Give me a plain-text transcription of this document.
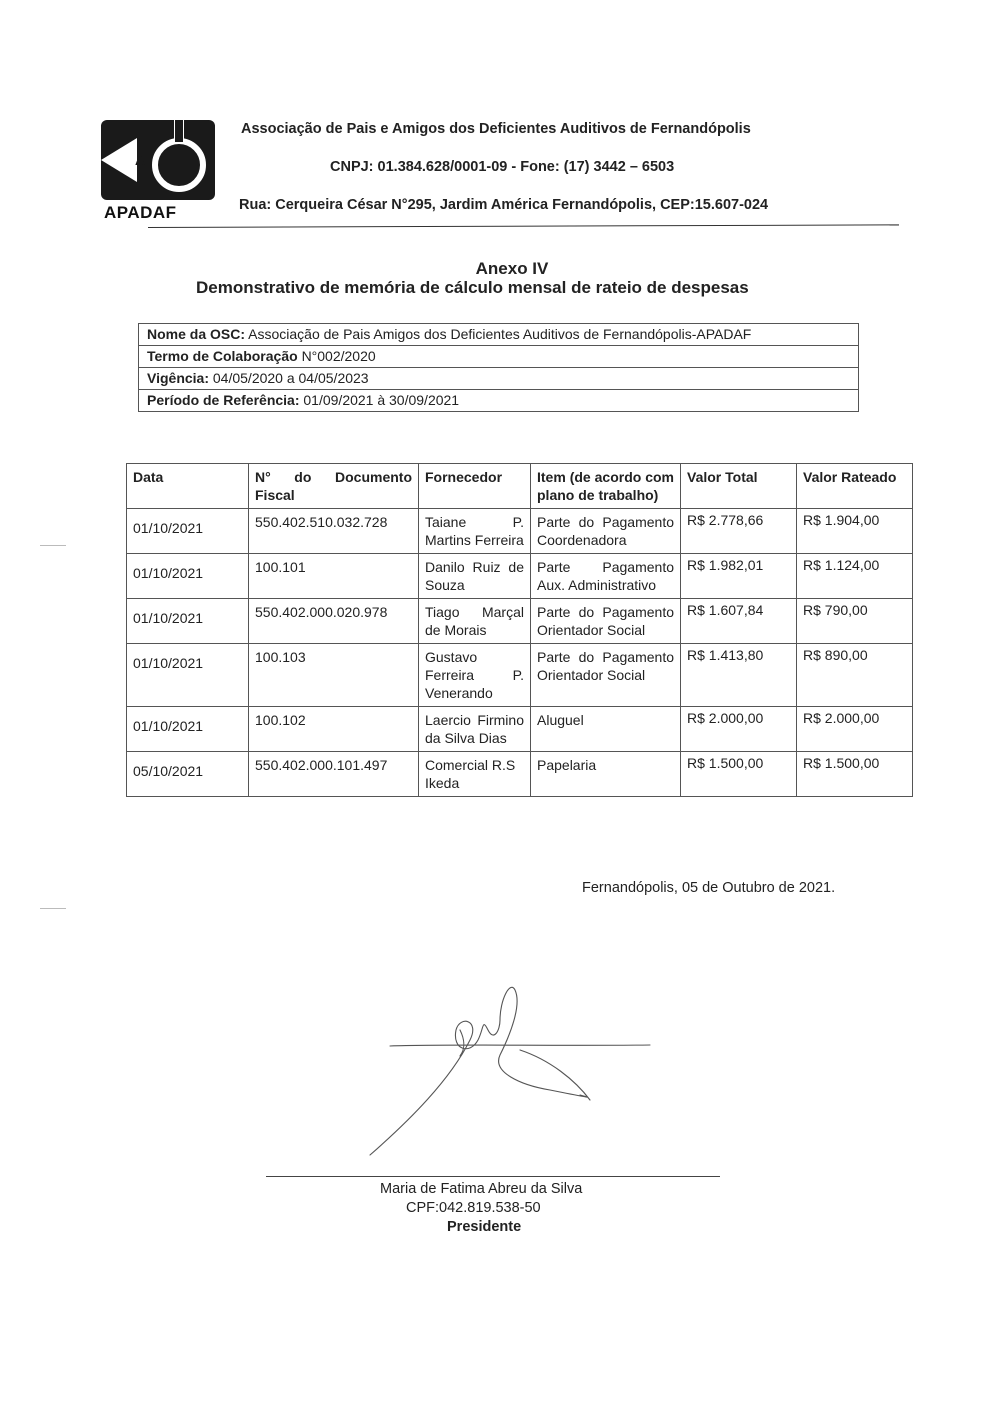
A
APADAF
Associação de Pais e Amigos dos Deficientes Auditivos de Fernandópolis
CNPJ: 01.384.628/0001-09 - Fone: (17) 3442 – 6503
Rua: Cerqueira César N°295, Jardim América Fernandópolis, CEP:15.607-024
Anexo IV
Demonstrativo de memória de cálculo mensal de rateio de despesas
Nome da OSC: Associação de Pais Amigos dos Deficientes Auditivos de Fernandópolis-APADAF
Termo de Colaboração N°002/2020
Vigência: 04/05/2020 a 04/05/2023
Período de Referência: 01/09/2021 à 30/09/2021
Data	N° do Documento Fiscal	Fornecedor	Item (de acordo com plano de trabalho)	Valor Total	Valor Rateado
01/10/2021	550.402.510.032.728	Taiane P. Martins Ferreira	Parte do Pagamento Coordenadora	R$ 2.778,66	R$ 1.904,00
01/10/2021	100.101	Danilo Ruiz de Souza	Parte Pagamento Aux. Administrativo	R$ 1.982,01	R$ 1.124,00
01/10/2021	550.402.000.020.978	Tiago Marçal de Morais	Parte do Pagamento Orientador Social	R$ 1.607,84	R$ 790,00
01/10/2021	100.103	Gustavo Ferreira P. Venerando	Parte do Pagamento Orientador Social	R$ 1.413,80	R$ 890,00
01/10/2021	100.102	Laercio Firmino da Silva Dias	Aluguel	R$ 2.000,00	R$ 2.000,00
05/10/2021	550.402.000.101.497	Comercial R.S Ikeda	Papelaria	R$ 1.500,00	R$ 1.500,00
Fernandópolis, 05 de Outubro de 2021.
Maria de Fatima Abreu da Silva
CPF:042.819.538-50
Presidente
